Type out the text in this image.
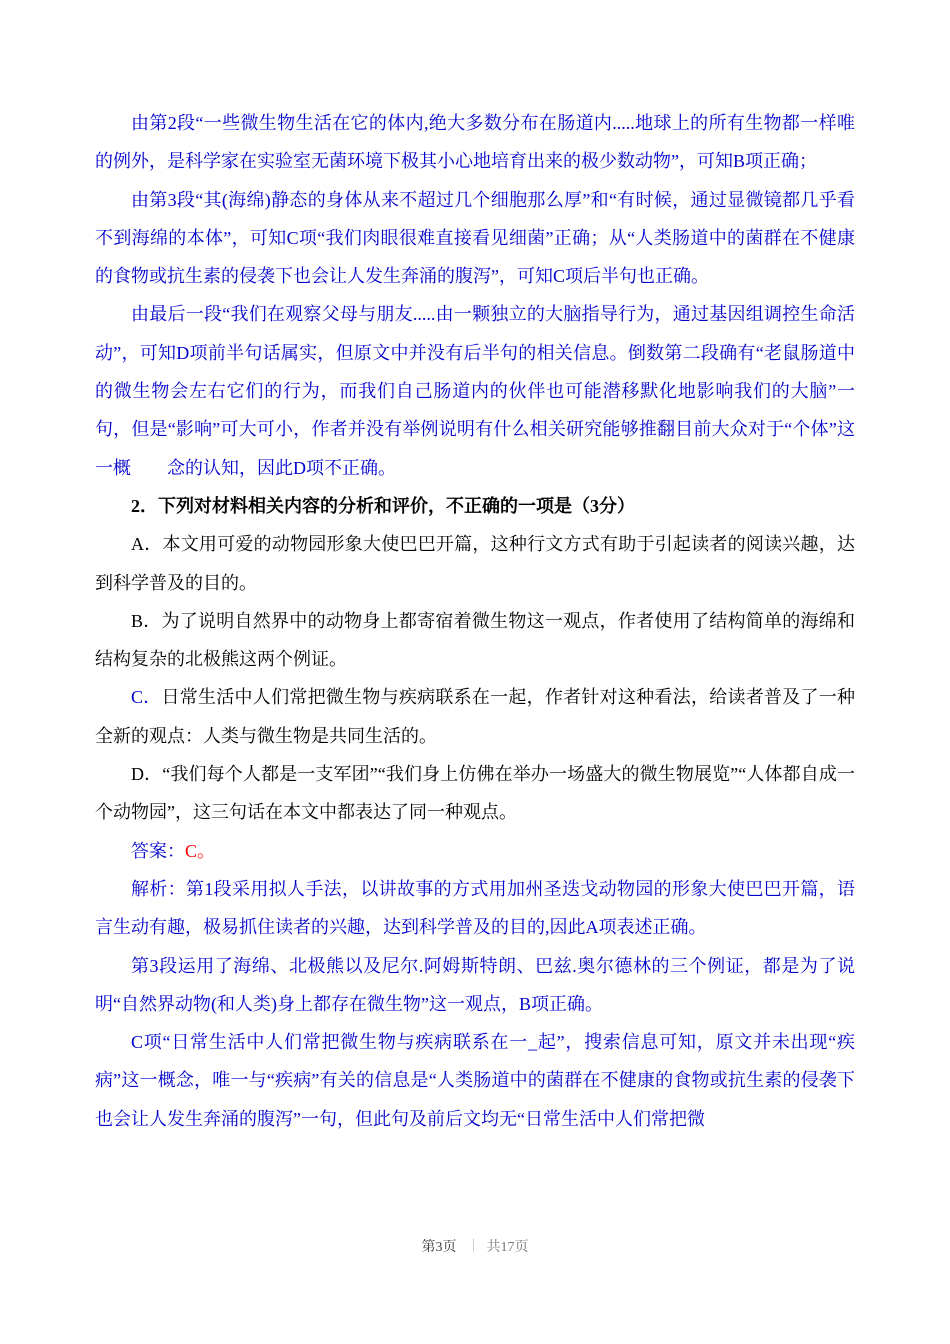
由第2段“一些微生物生活在它的体内,绝大多数分布在肠道内.....地球上的所有生物都一样唯的例外，是科学家在实验室无菌环境下极其小心地培育出来的极少数动物”，可知B项正确；

由第3段“其(海绵)静态的身体从来不超过几个细胞那么厚”和“有时候，通过显微镜都几乎看不到海绵的本体”，可知C项“我们肉眼很难直接看见细菌”正确；从“人类肠道中的菌群在不健康的食物或抗生素的侵袭下也会让人发生奔涌的腹泻”，可知C项后半句也正确。

由最后一段“我们在观察父母与朋友.....由一颗独立的大脑指导行为，通过基因组调控生命活动”，可知D项前半句话属实，但原文中并没有后半句的相关信息。倒数第二段确有“老鼠肠道中的微生物会左右它们的行为，而我们自己肠道内的伙伴也可能潜移默化地影响我们的大脑”一句，但是“影响”可大可小，作者并没有举例说明有什么相关研究能够推翻目前大众对于“个体”这一概　　念的认知，因此D项不正确。

2．下列对材料相关内容的分析和评价，不正确的一项是（3分）

A．本文用可爱的动物园形象大使巴巴开篇，这种行文方式有助于引起读者的阅读兴趣，达到科学普及的目的。

B．为了说明自然界中的动物身上都寄宿着微生物这一观点，作者使用了结构简单的海绵和结构复杂的北极熊这两个例证。

C．日常生活中人们常把微生物与疾病联系在一起，作者针对这种看法，给读者普及了一种全新的观点：人类与微生物是共同生活的。

D．“我们每个人都是一支军团”“我们身上仿佛在举办一场盛大的微生物展览”“人体都自成一个动物园”，这三句话在本文中都表达了同一种观点。

答案：C。

解析：第1段采用拟人手法，以讲故事的方式用加州圣迭戈动物园的形象大使巴巴开篇，语言生动有趣，极易抓住读者的兴趣，达到科学普及的目的,因此A项表述正确。

第3段运用了海绵、北极熊以及尼尔.阿姆斯特朗、巴兹.奥尔德林的三个例证，都是为了说明“自然界动物(和人类)身上都存在微生物”这一观点，B项正确。

C项“日常生活中人们常把微生物与疾病联系在一_起”，搜索信息可知，原文并未出现“疾病”这一概念，唯一与“疾病”有关的信息是“人类肠道中的菌群在不健康的食物或抗生素的侵袭下也会让人发生奔涌的腹泻”一句，但此句及前后文均无“日常生活中人们常把微

第3页 ｜ 共17页
